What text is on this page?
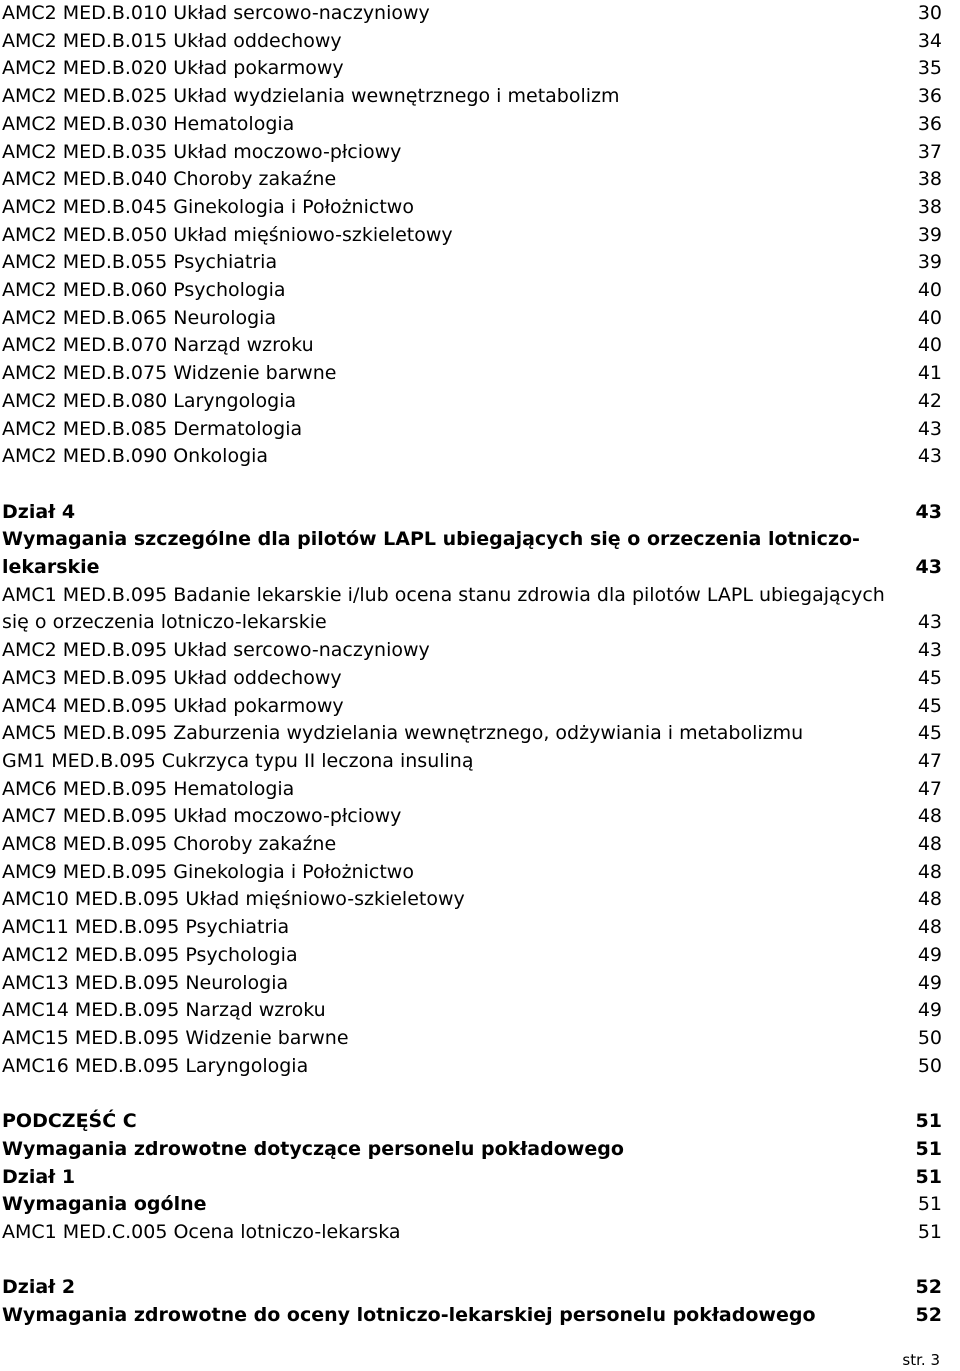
AMC2 MED.B.010 Układ sercowo-naczyniowy	30
AMC2 MED.B.015 Układ oddechowy	34
AMC2 MED.B.020 Układ pokarmowy	35
AMC2 MED.B.025 Układ wydzielania wewnętrznego i metabolizm	36
AMC2 MED.B.030 Hematologia	36
AMC2 MED.B.035 Układ moczowo-płciowy	37
AMC2 MED.B.040 Choroby zakaźne	38
AMC2 MED.B.045 Ginekologia i Położnictwo	38
AMC2 MED.B.050 Układ mięśniowo-szkieletowy	39
AMC2 MED.B.055 Psychiatria	39
AMC2 MED.B.060 Psychologia	40
AMC2 MED.B.065 Neurologia	40
AMC2 MED.B.070 Narząd wzroku	40
AMC2 MED.B.075 Widzenie barwne	41
AMC2 MED.B.080 Laryngologia	42
AMC2 MED.B.085 Dermatologia	43
AMC2 MED.B.090 Onkologia	43
Dział 4	43
Wymagania szczególne dla pilotów LAPL ubiegających się o orzeczenia lotniczo-
lekarskie	43
AMC1 MED.B.095 Badanie lekarskie i/lub ocena stanu zdrowia dla pilotów LAPL ubiegających
się o orzeczenia lotniczo-lekarskie	43
AMC2 MED.B.095 Układ sercowo-naczyniowy	43
AMC3 MED.B.095 Układ oddechowy	45
AMC4 MED.B.095 Układ pokarmowy	45
AMC5 MED.B.095 Zaburzenia wydzielania wewnętrznego, odżywiania i metabolizmu	45
GM1 MED.B.095 Cukrzyca typu II leczona insuliną	47
AMC6 MED.B.095 Hematologia	47
AMC7 MED.B.095 Układ moczowo-płciowy	48
AMC8 MED.B.095 Choroby zakaźne	48
AMC9 MED.B.095 Ginekologia i Położnictwo	48
AMC10 MED.B.095 Układ mięśniowo-szkieletowy	48
AMC11 MED.B.095 Psychiatria	48
AMC12 MED.B.095 Psychologia	49
AMC13 MED.B.095 Neurologia	49
AMC14 MED.B.095 Narząd wzroku	49
AMC15 MED.B.095 Widzenie barwne	50
AMC16 MED.B.095 Laryngologia	50
PODCZĘŚĆ C	51
Wymagania zdrowotne dotyczące personelu pokładowego	51
Dział 1	51
Wymagania ogólne	51
AMC1 MED.C.005 Ocena lotniczo-lekarska	51
Dział 2	52
Wymagania zdrowotne do oceny lotniczo-lekarskiej personelu pokładowego	52
str. 3
